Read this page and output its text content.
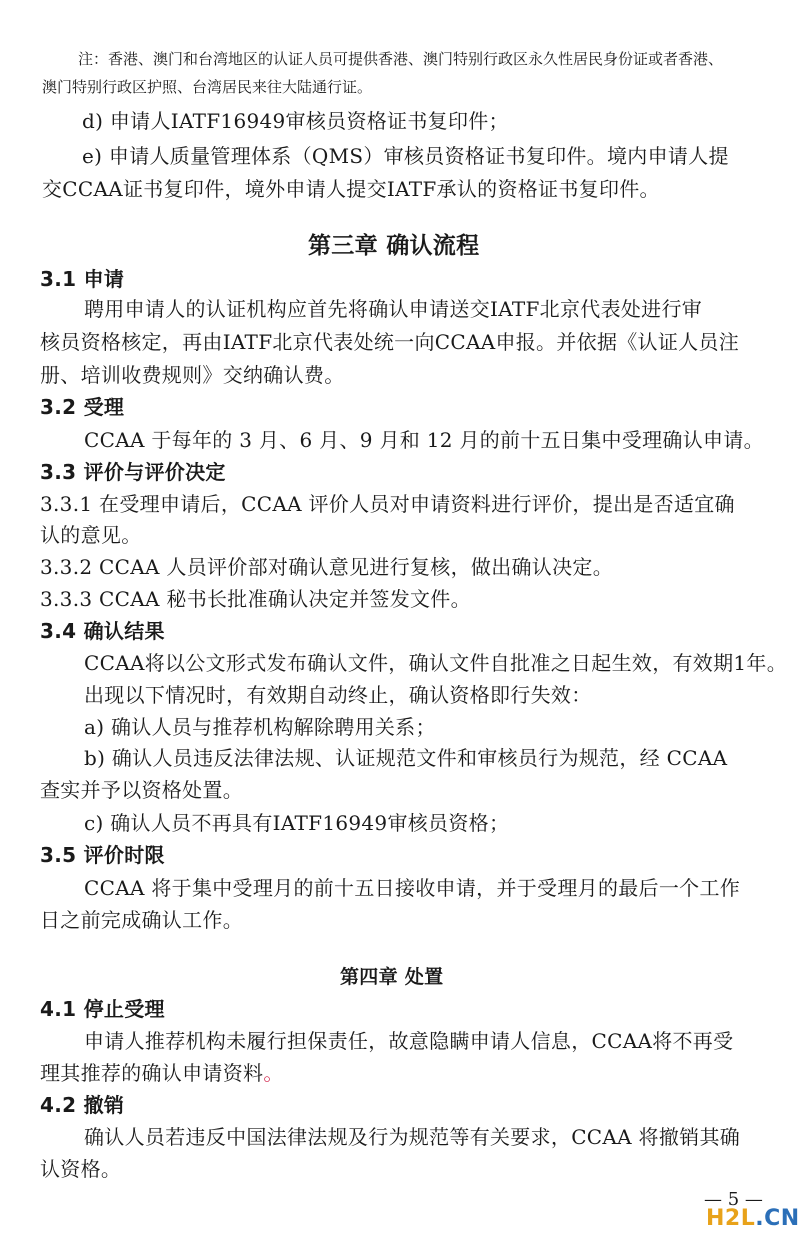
注：香港、澳门和台湾地区的认证人员可提供香港、澳门特别行政区永久性居民身份证或者香港、
澳门特别行政区护照、台湾居民来往大陆通行证。
d) 申请人IATF16949审核员资格证书复印件；
e) 申请人质量管理体系（QMS）审核员资格证书复印件。境内申请人提
交CCAA证书复印件，境外申请人提交IATF承认的资格证书复印件。
第三章 确认流程
3.1 申请
聘用申请人的认证机构应首先将确认申请送交IATF北京代表处进行审
核员资格核定，再由IATF北京代表处统一向CCAA申报。并依据《认证人员注
册、培训收费规则》交纳确认费。
3.2 受理
CCAA 于每年的 3 月、6 月、9 月和 12 月的前十五日集中受理确认申请。
3.3 评价与评价决定
3.3.1 在受理申请后，CCAA 评价人员对申请资料进行评价，提出是否适宜确
认的意见。
3.3.2 CCAA 人员评价部对确认意见进行复核，做出确认决定。
3.3.3 CCAA 秘书长批准确认决定并签发文件。
3.4 确认结果
CCAA将以公文形式发布确认文件，确认文件自批准之日起生效，有效期1年。
出现以下情况时，有效期自动终止，确认资格即行失效：
a) 确认人员与推荐机构解除聘用关系；
b) 确认人员违反法律法规、认证规范文件和审核员行为规范，经 CCAA
查实并予以资格处置。
c) 确认人员不再具有IATF16949审核员资格；
3.5 评价时限
CCAA 将于集中受理月的前十五日接收申请，并于受理月的最后一个工作
日之前完成确认工作。
第四章 处置
4.1 停止受理
申请人推荐机构未履行担保责任，故意隐瞒申请人信息，CCAA将不再受
理其推荐的确认申请资料。
4.2 撤销
确认人员若违反中国法律法规及行为规范等有关要求，CCAA 将撤销其确
认资格。
— 5 —
H2L.CN
